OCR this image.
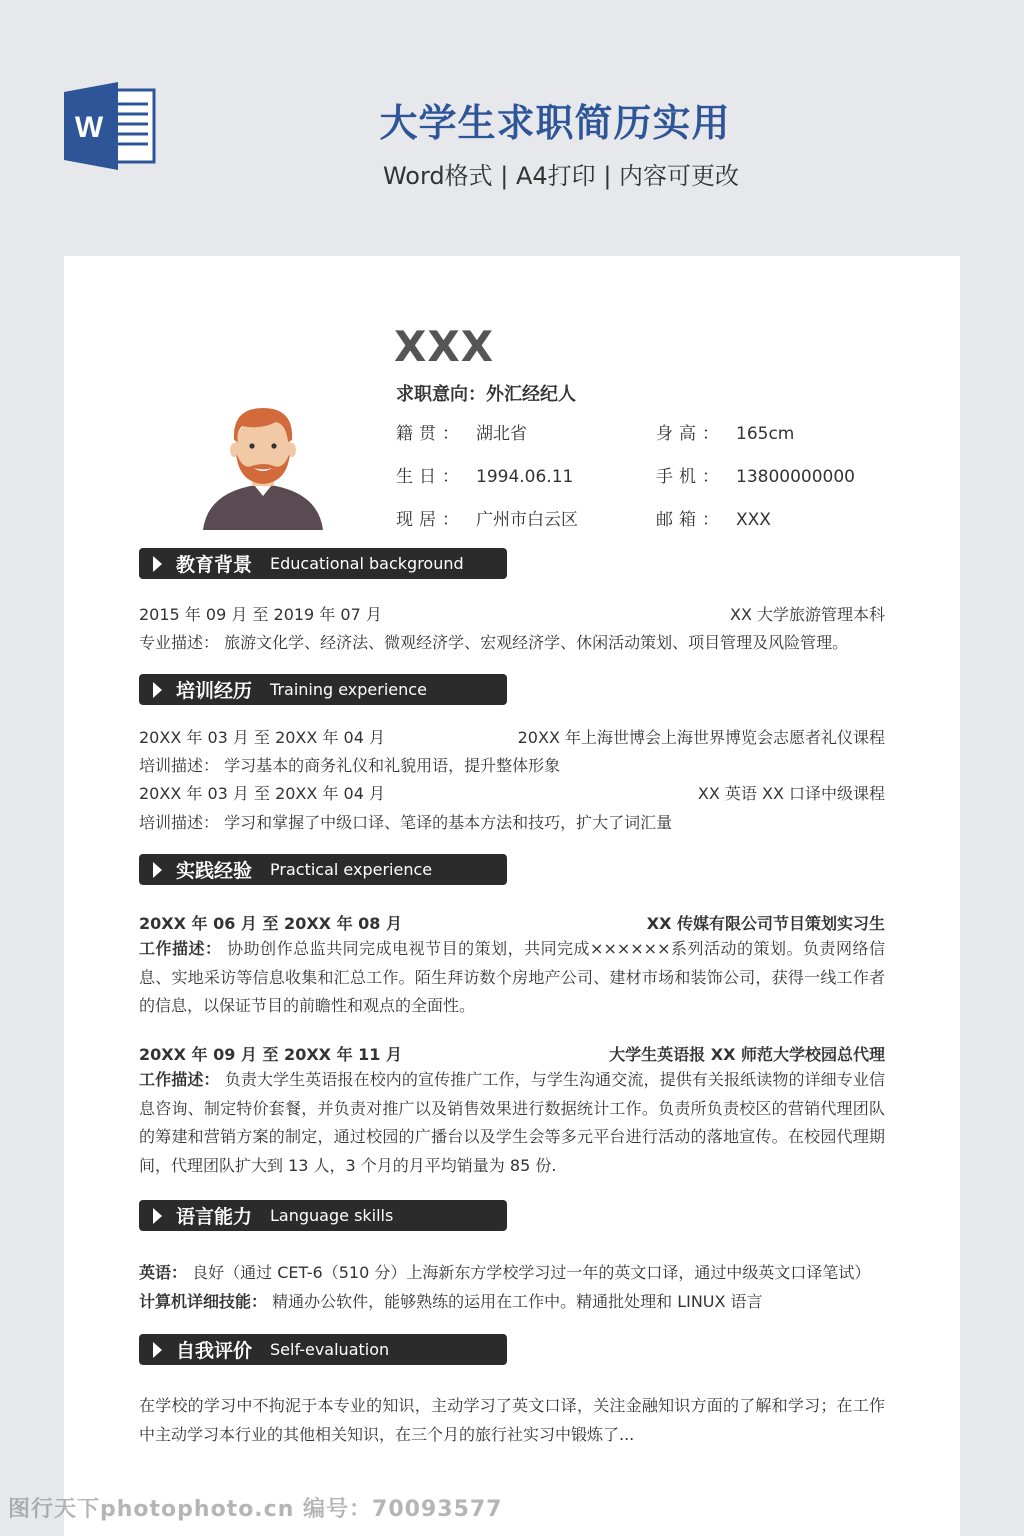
W	大学生求职简历实用
Word格式 | A4打印 | 内容可更改
XXX
求职意向：外汇经纪人
籍贯： 湖北省	身高： 165cm
生日： 1994.06.11	手机： 13800000000
现居： 广州市白云区	邮箱： XXX
教育背景 Educational background
2015 年 09 月 至 2019 年 07 月	XX 大学旅游管理本科
专业描述： 旅游文化学、经济法、微观经济学、宏观经济学、休闲活动策划、项目管理及风险管理。
培训经历 Training experience
20XX 年 03 月 至 20XX 年 04 月	20XX 年上海世博会上海世界博览会志愿者礼仪课程
培训描述： 学习基本的商务礼仪和礼貌用语，提升整体形象
20XX 年 03 月 至 20XX 年 04 月	XX 英语 XX 口译中级课程
培训描述： 学习和掌握了中级口译、笔译的基本方法和技巧，扩大了词汇量
实践经验 Practical experience
20XX 年 06 月 至 20XX 年 08 月	XX 传媒有限公司节目策划实习生
工作描述： 协助创作总监共同完成电视节目的策划，共同完成××××××系列活动的策划。负责网络信息、实地采访等信息收集和汇总工作。陌生拜访数个房地产公司、建材市场和装饰公司，获得一线工作者的信息，以保证节目的前瞻性和观点的全面性。
20XX 年 09 月 至 20XX 年 11 月	大学生英语报 XX 师范大学校园总代理
工作描述： 负责大学生英语报在校内的宣传推广工作，与学生沟通交流，提供有关报纸读物的详细专业信息咨询、制定特价套餐，并负责对推广以及销售效果进行数据统计工作。负责所负责校区的营销代理团队的筹建和营销方案的制定，通过校园的广播台以及学生会等多元平台进行活动的落地宣传。在校园代理期间，代理团队扩大到 13 人，3 个月的月平均销量为 85 份.
语言能力 Language skills
英语： 良好（通过 CET-6（510 分）上海新东方学校学习过一年的英文口译，通过中级英文口译笔试）
计算机详细技能： 精通办公软件，能够熟练的运用在工作中。精通批处理和 LINUX 语言
自我评价 Self-evaluation
在学校的学习中不拘泥于本专业的知识，主动学习了英文口译，关注金融知识方面的了解和学习；在工作中主动学习本行业的其他相关知识，在三个月的旅行社实习中锻炼了...
图行天下photophoto.cn 编号：70093577
